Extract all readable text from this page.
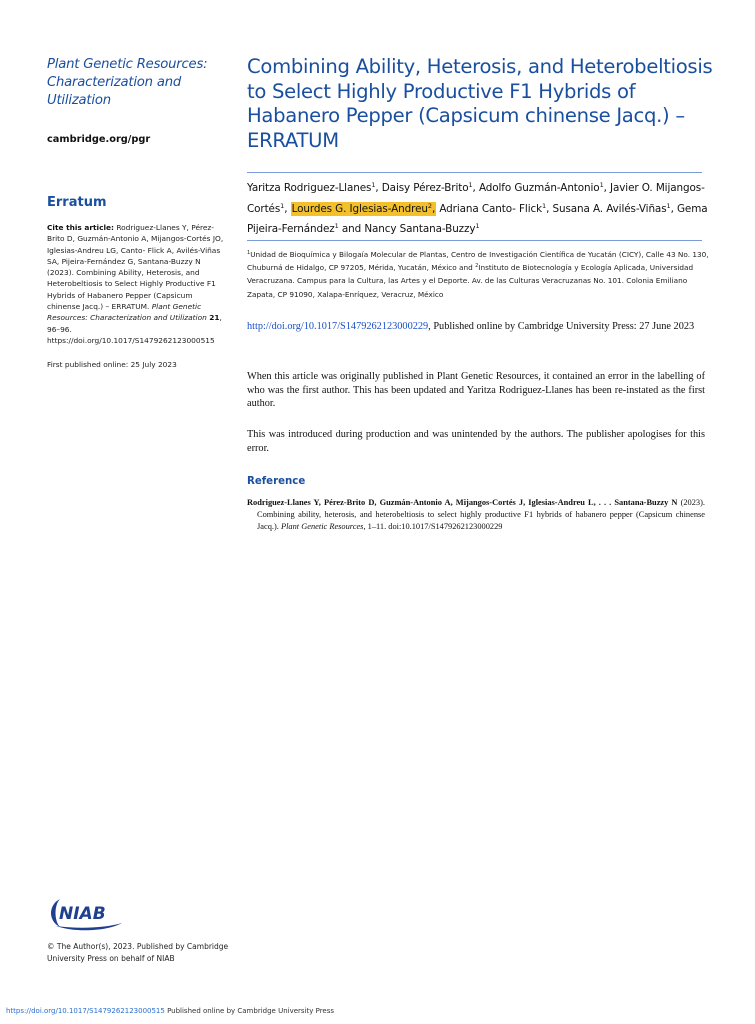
Plant Genetic Resources: Characterization and Utilization

cambridge.org/pgr
Erratum
Cite this article: Rodriguez-Llanes Y, Pérez-Brito D, Guzmán-Antonio A, Mijangos-Cortés JO, Iglesias-Andreu LG, Canto- Flick A, Avilés-Viñas SA, Pijeira-Fernández G, Santana-Buzzy N (2023). Combining Ability, Heterosis, and Heterobeltiosis to Select Highly Productive F1 Hybrids of Habanero Pepper (Capsicum chinense Jacq.) – ERRATUM. Plant Genetic Resources: Characterization and Utilization 21, 96–96. https://doi.org/10.1017/S1479262123000515
First published online: 25 July 2023
Combining Ability, Heterosis, and Heterobeltiosis to Select Highly Productive F1 Hybrids of Habanero Pepper (Capsicum chinense Jacq.) – ERRATUM
Yaritza Rodriguez-Llanes$^1$, Daisy Pérez-Brito$^1$, Adolfo Guzmán-Antonio$^1$, Javier O. Mijangos-Cortés$^1$, Lourdes G. Iglesias-Andreu$^2$, Adriana Canto- Flick$^1$, Susana A. Avilés-Viñas$^1$, Gema Pijeira-Fernández$^1$ and Nancy Santana-Buzzy$^1$
$^1$Unidad de Bioquímica y Bilogaía Molecular de Plantas, Centro de Investigación Científica de Yucatán (CICY), Calle 43 No. 130, Chuburná de Hidalgo, CP 97205, Mérida, Yucatán, México and $^2$Instituto de Biotecnología y Ecología Aplicada, Universidad Veracruzana. Campus para la Cultura, las Artes y el Deporte. Av. de las Culturas Veracruzanas No. 101. Colonia Emiliano Zapata, CP 91090, Xalapa-Enríquez, Veracruz, México
http://doi.org/10.1017/S1479262123000229, Published online by Cambridge University Press: 27 June 2023

When this article was originally published in Plant Genetic Resources, it contained an error in the labelling of who was the first author. This has been updated and Yaritza Rodriguez-Llanes has been re-instated as the first author.

This was introduced during production and was unintended by the authors. The publisher apologises for this error.

Reference
Rodriguez-Llanes Y, Pérez-Brito D, Guzmán-Antonio A, Mijangos-Cortés J, Iglesias-Andreu L, . . . Santana-Buzzy N (2023). Combining ability, heterosis, and heterobeltiosis to select highly productive F1 hybrids of habanero pepper (Capsicum chinense Jacq.). Plant Genetic Resources, 1–11. doi:10.1017/S1479262123000229
NIAB
© The Author(s), 2023. Published by Cambridge University Press on behalf of NIAB
https://doi.org/10.1017/S1479262123000515 Published online by Cambridge University Press
